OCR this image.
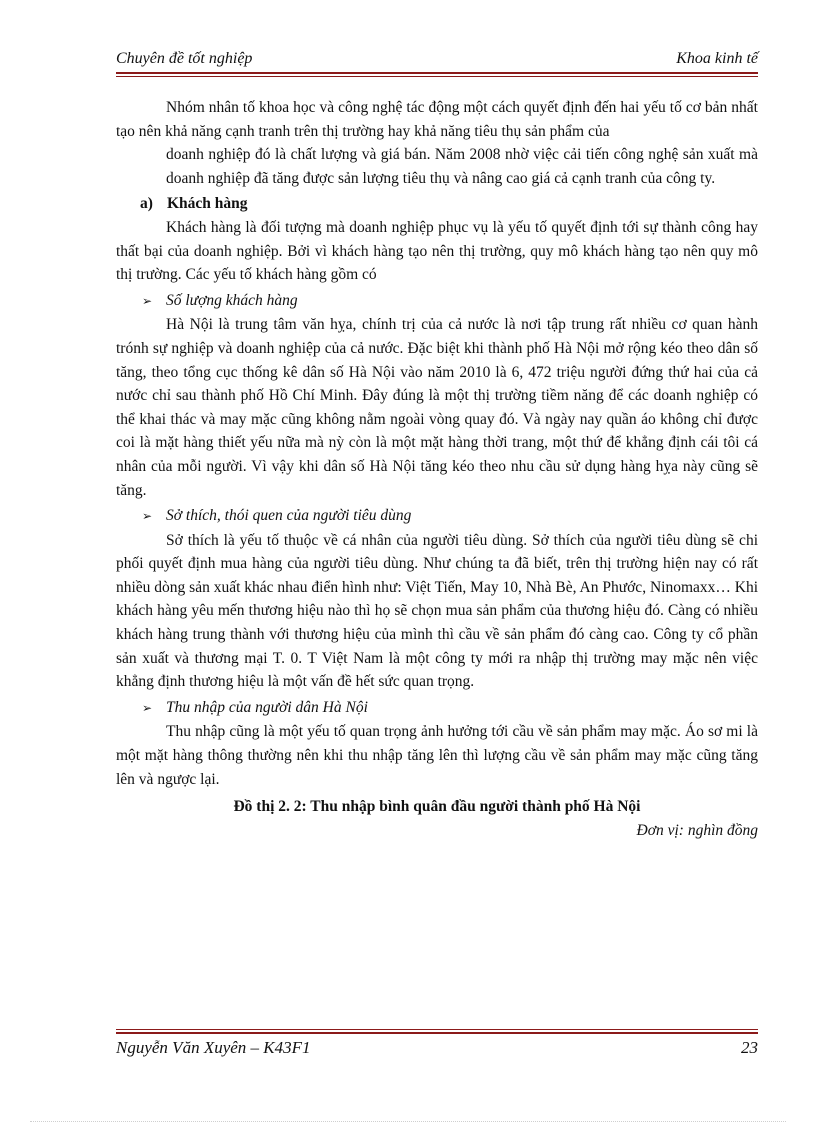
Chuyên đề tốt nghiệp	Khoa kinh tế

Nhóm nhân tố khoa học và công nghệ tác động một cách quyết định đến hai yếu tố cơ bản nhất tạo nên khả năng cạnh tranh trên thị trường hay khả năng tiêu thụ sản phẩm của

doanh nghiệp đó là chất lượng và giá bán. Năm 2008 nhờ việc cải tiến công nghệ sản xuất mà doanh nghiệp đã tăng được sản lượng tiêu thụ và nâng cao giá cả cạnh tranh của công ty.

a) Khách hàng

Khách hàng là đối tượng mà doanh nghiệp phục vụ là yếu tố quyết định tới sự thành công hay thất bại của doanh nghiệp. Bởi vì khách hàng tạo nên thị trường, quy mô khách hàng tạo nên quy mô thị trường. Các yếu tố khách hàng gồm có

➢ Số lượng khách hàng

Hà Nội là trung tâm văn hỵa, chính trị của cả nước là nơi tập trung rất nhiều cơ quan hành trónh sự nghiệp và doanh nghiệp của cả nước. Đặc biệt khi thành phố Hà Nội mở rộng kéo theo dân số tăng, theo tổng cục thống kê dân số Hà Nội vào năm 2010 là 6, 472 triệu người đứng thứ hai của cả nước chỉ sau thành phố Hồ Chí Minh. Đây đúng là một thị trường tiềm năng để các doanh nghiệp có thể khai thác và may mặc cũng không nằm ngoài vòng quay đó. Và ngày nay quần áo không chỉ được coi là mặt hàng thiết yếu nữa mà nỳ còn là một mặt hàng thời trang, một thứ để khẳng định cái tôi cá nhân của mỗi người. Vì vậy khi dân số Hà Nội tăng kéo theo nhu cầu sử dụng hàng hỵa này cũng sẽ tăng.

➢ Sở thích, thói quen của người tiêu dùng

Sở thích là yếu tố thuộc về cá nhân của người tiêu dùng. Sở thích của người tiêu dùng sẽ chi phối quyết định mua hàng của người tiêu dùng. Như chúng ta đã biết, trên thị trường hiện nay có rất nhiều dòng sản xuất khác nhau điển hình như: Việt Tiến, May 10, Nhà Bè, An Phước, Ninomaxx… Khi khách hàng yêu mến thương hiệu nào thì họ sẽ chọn mua sản phẩm của thương hiệu đó. Càng có nhiều khách hàng trung thành với thương hiệu của mình thì cầu về sản phẩm đó càng cao. Công ty cổ phần sản xuất và thương mại T. 0. T Việt Nam là một công ty mới ra nhập thị trường may mặc nên việc khẳng định thương hiệu là một vấn đề hết sức quan trọng.

➢ Thu nhập của người dân Hà Nội

Thu nhập cũng là một yếu tố quan trọng ảnh hưởng tới cầu về sản phẩm may mặc. Áo sơ mi là một mặt hàng thông thường nên khi thu nhập tăng lên thì lượng cầu về sản phẩm may mặc cũng tăng lên và ngược lại.

Đồ thị 2. 2: Thu nhập bình quân đầu người thành phố Hà Nội

Đơn vị: nghìn đồng

Nguyễn Văn Xuyên – K43F1	23
